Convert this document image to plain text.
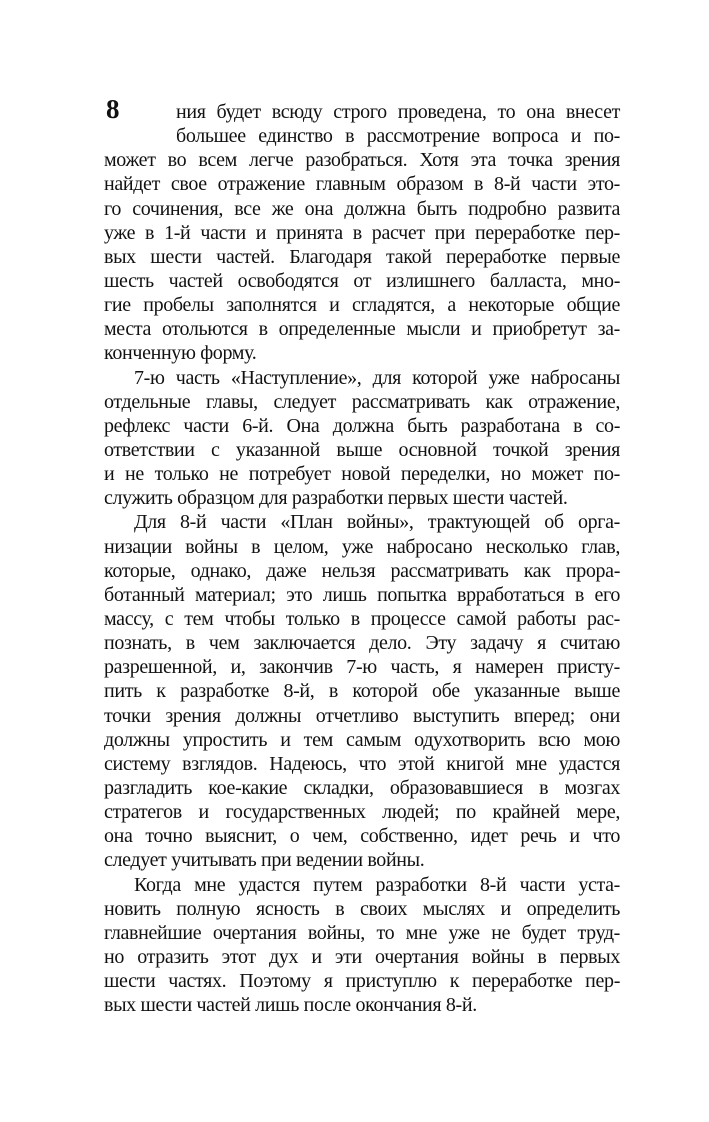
8	ния будет всюду строго проведена, то она внесет
большее единство в рассмотрение вопроса и по-
может во всем легче разобраться. Хотя эта точка зрения
найдет свое отражение главным образом в 8-й части это-
го сочинения, все же она должна быть подробно развита
уже в 1-й части и принята в расчет при переработке пер-
вых шести частей. Благодаря такой переработке первые
шесть частей освободятся от излишнего балласта, мно-
гие пробелы заполнятся и сгладятся, а некоторые общие
места отольются в определенные мысли и приобретут за-
конченную форму.
7-ю часть «Наступление», для которой уже набросаны
отдельные главы, следует рассматривать как отражение,
рефлекс части 6-й. Она должна быть разработана в со-
ответствии с указанной выше основной точкой зрения
и не только не потребует новой переделки, но может по-
служить образцом для разработки первых шести частей.
Для 8-й части «План войны», трактующей об орга-
низации войны в целом, уже набросано несколько глав,
которые, однако, даже нельзя рассматривать как прора-
ботанный материал; это лишь попытка врработаться в его
массу, с тем чтобы только в процессе самой работы рас-
познать, в чем заключается дело. Эту задачу я считаю
разрешенной, и, закончив 7-ю часть, я намерен присту-
пить к разработке 8-й, в которой обе указанные выше
точки зрения должны отчетливо выступить вперед; они
должны упростить и тем самым одухотворить всю мою
систему взглядов. Надеюсь, что этой книгой мне удастся
разгладить кое-какие складки, образовавшиеся в мозгах
стратегов и государственных людей; по крайней мере,
она точно выяснит, о чем, собственно, идет речь и что
следует учитывать при ведении войны.
Когда мне удастся путем разработки 8-й части уста-
новить полную ясность в своих мыслях и определить
главнейшие очертания войны, то мне уже не будет труд-
но отразить этот дух и эти очертания войны в первых
шести частях. Поэтому я приступлю к переработке пер-
вых шести частей лишь после окончания 8-й.
